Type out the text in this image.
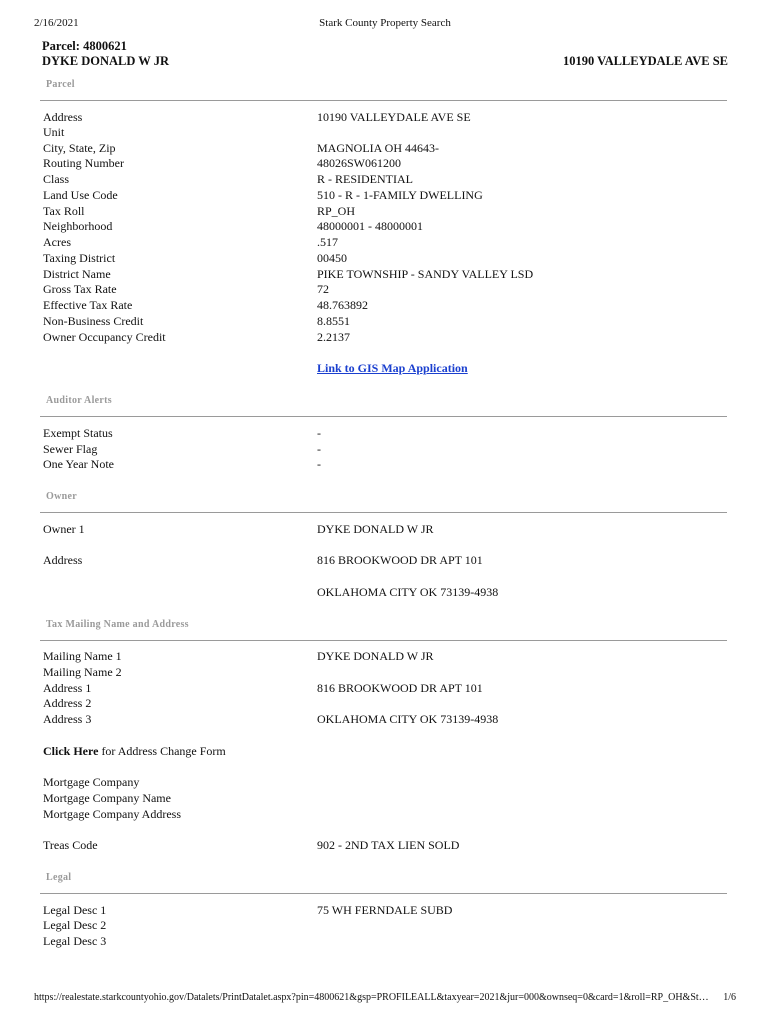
2/16/2021	Stark County Property Search
Parcel: 4800621
DYKE DONALD W JR	10190 VALLEYDALE AVE SE
Parcel
Address	10190 VALLEYDALE AVE SE
Unit
City, State, Zip	MAGNOLIA OH 44643-
Routing Number	48026SW061200
Class	R - RESIDENTIAL
Land Use Code	510 - R - 1-FAMILY DWELLING
Tax Roll	RP_OH
Neighborhood	48000001 - 48000001
Acres	.517
Taxing District	00450
District Name	PIKE TOWNSHIP - SANDY VALLEY LSD
Gross Tax Rate	72
Effective Tax Rate	48.763892
Non-Business Credit	8.8551
Owner Occupancy Credit	2.2137
Link to GIS Map Application
Auditor Alerts
Exempt Status	-
Sewer Flag	-
One Year Note	-
Owner
Owner 1	DYKE DONALD W JR
Address	816 BROOKWOOD DR APT 101
OKLAHOMA CITY OK 73139-4938
Tax Mailing Name and Address
Mailing Name 1	DYKE DONALD W JR
Mailing Name 2
Address 1	816 BROOKWOOD DR APT 101
Address 2
Address 3	OKLAHOMA CITY OK 73139-4938
Click Here for Address Change Form
Mortgage Company
Mortgage Company Name
Mortgage Company Address
Treas Code	902 - 2ND TAX LIEN SOLD
Legal
Legal Desc 1	75 WH FERNDALE SUBD
Legal Desc 2
Legal Desc 3
https://realestate.starkcountyohio.gov/Datalets/PrintDatalet.aspx?pin=4800621&gsp=PROFILEALL&taxyear=2021&jur=000&ownseq=0&card=1&roll=RP_OH&St… 1/6
